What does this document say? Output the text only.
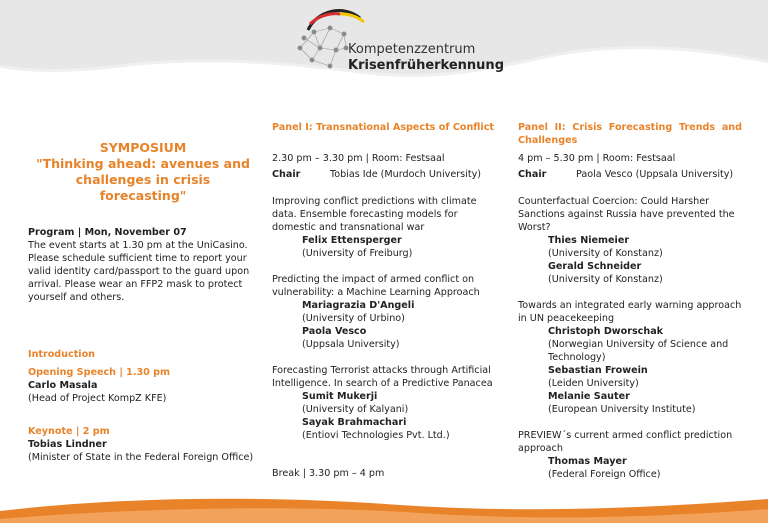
Kompetenzzentrum
Krisenfrüherkennung
SYMPOSIUM
"Thinking ahead: avenues and
challenges in crisis
forecasting"

Program | Mon, November 07

The event starts at 1.30 pm at the UniCasino. Please schedule sufficient time to report your valid identity card/passport to the guard upon arrival. Please wear an FFP2 mask to protect yourself and others.

Introduction

Opening Speech | 1.30 pm

Carlo Masala

(Head of Project KompZ KFE)

Keynote | 2 pm

Tobias Lindner

(Minister of State in the Federal Foreign Office)

Panel I: Transnational Aspects of Conflict

2.30 pm – 3.30 pm | Room: Festsaal

Chair	Tobias Ide (Murdoch University)

Improving conflict predictions with climate data. Ensemble forecasting models for domestic and transnational war

Felix Ettensperger

(University of Freiburg)

Predicting the impact of armed conflict on vulnerability: a Machine Learning Approach

Mariagrazia D'Angeli

(University of Urbino)

Paola Vesco

(Uppsala University)

Forecasting Terrorist attacks through Artificial Intelligence. In search of a Predictive Panacea

Sumit Mukerji

(University of Kalyani)

Sayak Brahmachari

(Entiovi Technologies Pvt. Ltd.)

Break | 3.30 pm – 4 pm

Panel II: Crisis Forecasting Trends and Challenges

4 pm – 5.30 pm | Room: Festsaal

Chair	Paola Vesco (Uppsala University)

Counterfactual Coercion: Could Harsher Sanctions against Russia have prevented the Worst?

Thies Niemeier

(University of Konstanz)

Gerald Schneider

(University of Konstanz)

Towards an integrated early warning approach in UN peacekeeping

Christoph Dworschak

(Norwegian University of Science and Technology)

Sebastian Frowein

(Leiden University)

Melanie Sauter

(European University Institute)

PREVIEW´s current armed conflict prediction approach

Thomas Mayer

(Federal Foreign Office)
